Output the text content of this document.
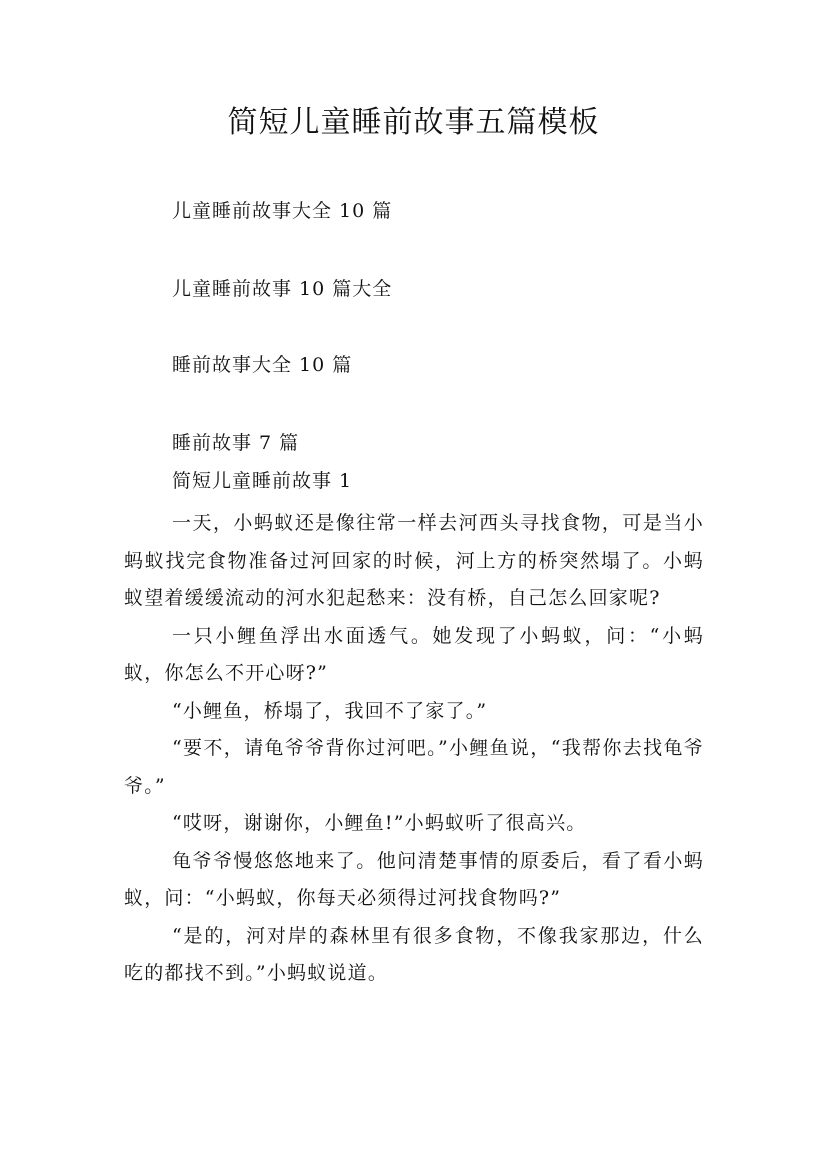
简短儿童睡前故事五篇模板
儿童睡前故事大全 10 篇
儿童睡前故事 10 篇大全
睡前故事大全 10 篇
睡前故事 7 篇
简短儿童睡前故事 1

一天，小蚂蚁还是像往常一样去河西头寻找食物，可是当小蚂蚁找完食物准备过河回家的时候，河上方的桥突然塌了。小蚂蚁望着缓缓流动的河水犯起愁来：没有桥，自己怎么回家呢?

一只小鲤鱼浮出水面透气。她发现了小蚂蚁，问：“小蚂蚁，你怎么不开心呀?”

“小鲤鱼，桥塌了，我回不了家了。”

“要不，请龟爷爷背你过河吧。”小鲤鱼说，“我帮你去找龟爷爷。”

“哎呀，谢谢你，小鲤鱼!”小蚂蚁听了很高兴。

龟爷爷慢悠悠地来了。他问清楚事情的原委后，看了看小蚂蚁，问：“小蚂蚁，你每天必须得过河找食物吗?”

“是的，河对岸的森林里有很多食物，不像我家那边，什么吃的都找不到。”小蚂蚁说道。
